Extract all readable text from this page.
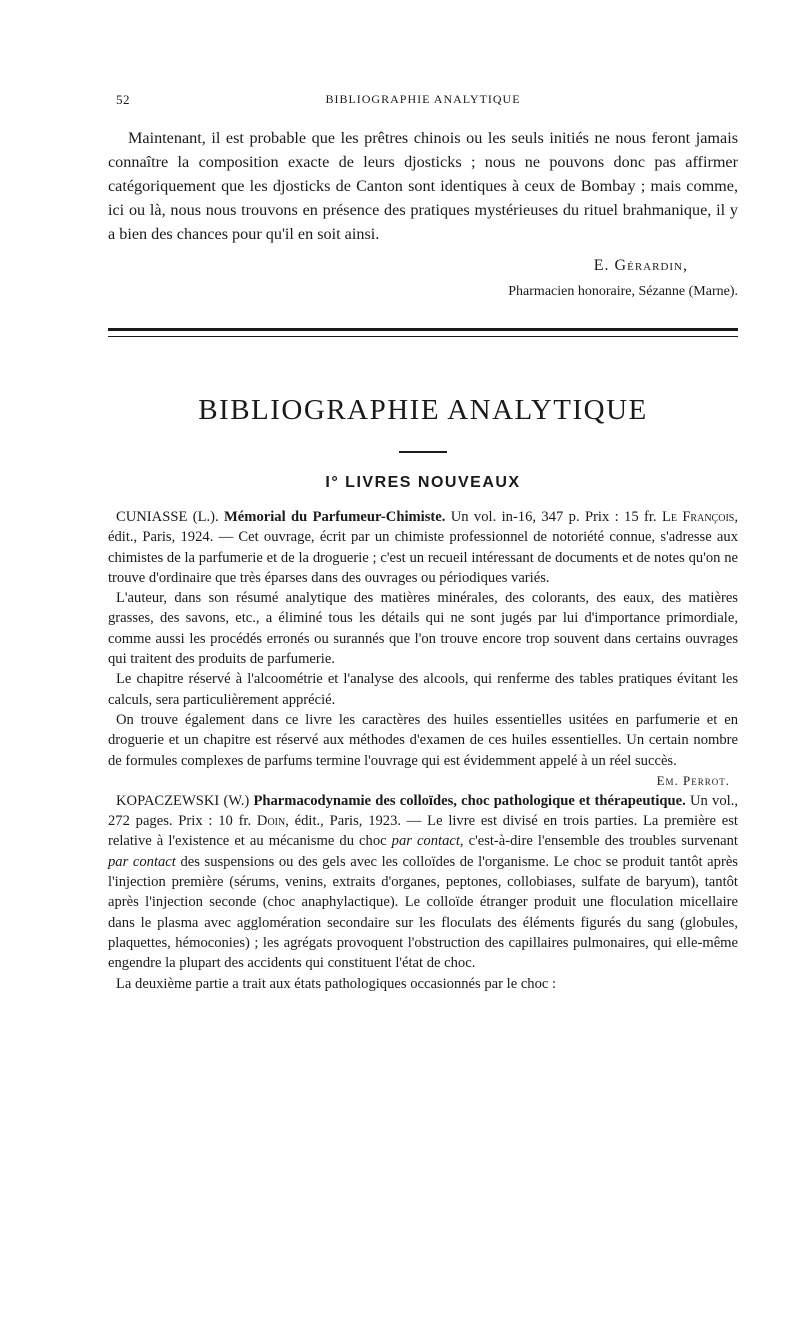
52	BIBLIOGRAPHIE ANALYTIQUE

Maintenant, il est probable que les prêtres chinois ou les seuls initiés ne nous feront jamais connaître la composition exacte de leurs djosticks ; nous ne pouvons donc pas affirmer catégoriquement que les djosticks de Canton sont identiques à ceux de Bombay ; mais comme, ici ou là, nous nous trouvons en présence des pratiques mystérieuses du rituel brahmanique, il y a bien des chances pour qu'il en soit ainsi.

E. Gérardin,

Pharmacien honoraire, Sézanne (Marne).

BIBLIOGRAPHIE ANALYTIQUE
I° LIVRES NOUVEAUX

CUNIASSE (L.). Mémorial du Parfumeur-Chimiste. Un vol. in-16, 347 p. Prix : 15 fr. Le François, édit., Paris, 1924. — Cet ouvrage, écrit par un chimiste professionnel de notoriété connue, s'adresse aux chimistes de la parfumerie et de la droguerie ; c'est un recueil intéressant de documents et de notes qu'on ne trouve d'ordinaire que très éparses dans des ouvrages ou périodiques variés.

L'auteur, dans son résumé analytique des matières minérales, des colorants, des eaux, des matières grasses, des savons, etc., a éliminé tous les détails qui ne sont jugés par lui d'importance primordiale, comme aussi les procédés erronés ou surannés que l'on trouve encore trop souvent dans certains ouvrages qui traitent des produits de parfumerie.

Le chapitre réservé à l'alcoométrie et l'analyse des alcools, qui renferme des tables pratiques évitant les calculs, sera particulièrement apprécié.

On trouve également dans ce livre les caractères des huiles essentielles usitées en parfumerie et en droguerie et un chapitre est réservé aux méthodes d'examen de ces huiles essentielles. Un certain nombre de formules complexes de parfums termine l'ouvrage qui est évidemment appelé à un réel succès.

Em. Perrot.

KOPACZEWSKI (W.) Pharmacodynamie des colloïdes, choc pathologique et thérapeutique. Un vol., 272 pages. Prix : 10 fr. Doin, édit., Paris, 1923. — Le livre est divisé en trois parties. La première est relative à l'existence et au mécanisme du choc par contact, c'est-à-dire l'ensemble des troubles survenant par contact des suspensions ou des gels avec les colloïdes de l'organisme. Le choc se produit tantôt après l'injection première (sérums, venins, extraits d'organes, peptones, collobiases, sulfate de baryum), tantôt après l'injection seconde (choc anaphylactique). Le colloïde étranger produit une floculation micellaire dans le plasma avec agglomération secondaire sur les floculats des éléments figurés du sang (globules, plaquettes, hémoconies) ; les agrégats provoquent l'obstruction des capillaires pulmonaires, qui elle-même engendre la plupart des accidents qui constituent l'état de choc.

La deuxième partie a trait aux états pathologiques occasionnés par le choc :
